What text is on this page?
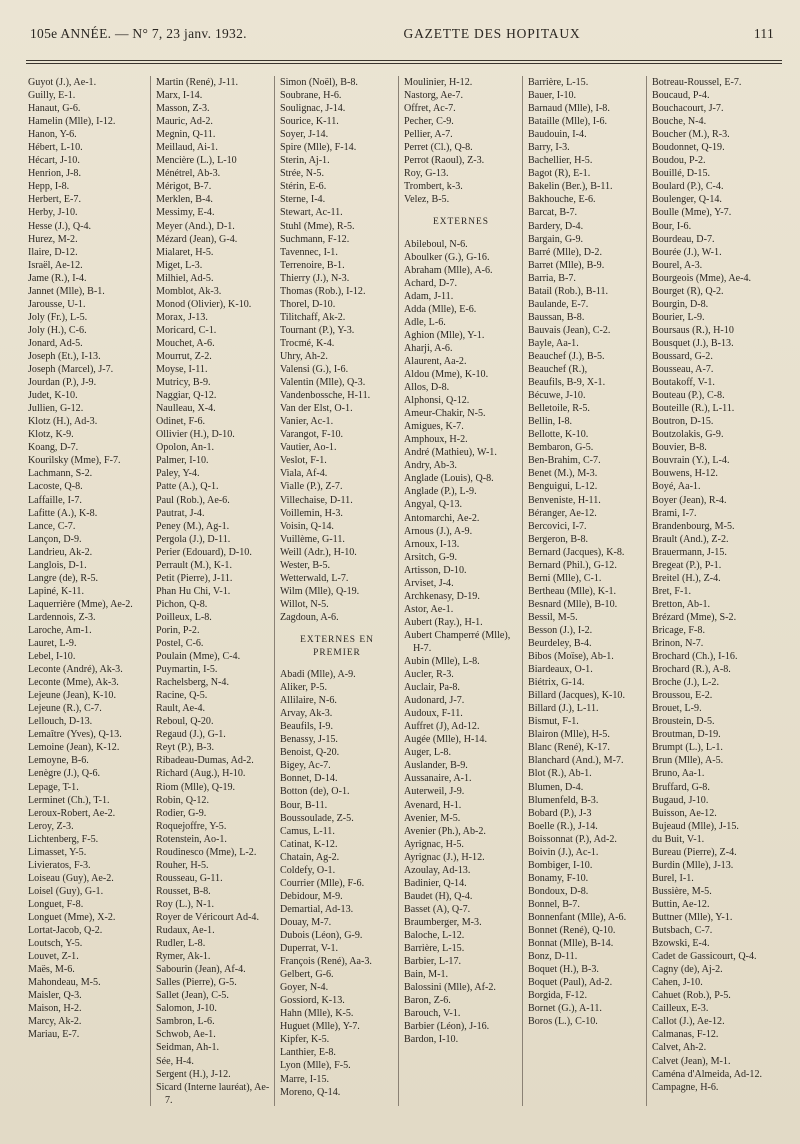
105e ANNÉE. — N° 7, 23 janv. 1932.	GAZETTE DES HOPITAUX	111
Guyot (J.), Ae-1.
Guilly, E-1.
Hanaut, G-6.
Hamelin (Mlle), I-12.
Hanon, Y-6.
Hébert, L-10.
Hécart, J-10.
Henrion, J-8.
Hepp, I-8.
Herbert, E-7.
Herby, J-10.
Hesse (J.), Q-4.
Hurez, M-2.
Ilaire, D-12.
Israël, Ae-12.
Jame (R.), I-4.
Jannet (Mlle), B-1.
Jarousse, U-1.
Joly (Fr.), L-5.
Joly (H.), C-6.
Jonard, Ad-5.
Joseph (Et.), I-13.
Joseph (Marcel), J-7.
Jourdan (P.), J-9.
Judet, K-10.
Jullien, G-12.
Klotz (H.), Ad-3.
Klotz, K-9.
Koang, D-7.
Kourilsky (Mme), F-7.
Lachmann, S-2.
Lacoste, Q-8.
Laffaille, I-7.
Lafitte (A.), K-8.
Lance, C-7.
Lançon, D-9.
Landrieu, Ak-2.
Langlois, D-1.
Langre (de), R-5.
Lapiné, K-11.
Laquerrière (Mme), Ae-2.
Lardennois, Z-3.
Laroche, Am-1.
Lauret, L-9.
Lebel, I-10.
Leconte (André), Ak-3.
Leconte (Mme), Ak-3.
Lejeune (Jean), K-10.
Lejeune (R.), C-7.
Lellouch, D-13.
Lemaître (Yves), Q-13.
Lemoine (Jean), K-12.
Lemoyne, B-6.
Lenègre (J.), Q-6.
Lepage, T-1.
Lerminet (Ch.), T-1.
Leroux-Robert, Ae-2.
Leroy, Z-3.
Lichtenberg, F-5.
Limasset, Y-5.
Livieratos, F-3.
Loiseau (Guy), Ae-2.
Loisel (Guy), G-1.
Longuet, F-8.
Longuet (Mme), X-2.
Lortat-Jacob, Q-2.
Loutsch, Y-5.
Louvet, Z-1.
Maës, M-6.
Mahondeau, M-5.
Maisler, Q-3.
Maison, H-2.
Marcy, Ak-2.
Mariau, E-7.
Martin (René), J-11.
Marx, I-14.
Masson, Z-3.
Mauric, Ad-2.
Megnin, Q-11.
Meillaud, Ai-1.
Mencière (L.), L-10
Ménétrel, Ab-3.
Mérigot, B-7.
Merklen, B-4.
Messimy, E-4.
Meyer (And.), D-1.
Mézard (Jean), G-4.
Mialaret, H-5.
Miget, L-3.
Milhiel, Ad-5.
Momblot, Ak-3.
Monod (Olivier), K-10.
Morax, J-13.
Moricard, C-1.
Mouchet, A-6.
Mourrut, Z-2.
Moyse, I-11.
Mutricy, B-9.
Naggiar, Q-12.
Naulleau, X-4.
Odinet, F-6.
Ollivier (H.), D-10.
Opolon, An-1.
Palmer, I-10.
Paley, Y-4.
Patte (A.), Q-1.
Paul (Rob.), Ae-6.
Pautrat, J-4.
Peney (M.), Ag-1.
Pergola (J.), D-11.
Perier (Edouard), D-10.
Perrault (M.), K-1.
Petit (Pierre), J-11.
Phan Hu Chi, V-1.
Pichon, Q-8.
Poilleux, L-8.
Porin, P-2.
Postel, C-6.
Poulain (Mme), C-4.
Puymartin, I-5.
Rachelsberg, N-4.
Racine, Q-5.
Rault, Ae-4.
Reboul, Q-20.
Regaud (J.), G-1.
Reyt (P.), B-3.
Ribadeau-Dumas, Ad-2.
Richard (Aug.), H-10.
Riom (Mlle), Q-19.
Robin, Q-12.
Rodier, G-9.
Roquejoffre, Y-5.
Rotenstein, Ao-1.
Roudinesco (Mme), L-2.
Rouher, H-5.
Rousseau, G-11.
Rousset, B-8.
Roy (L.), N-1.
Royer de Véricourt Ad-4.
Rudaux, Ae-1.
Rudler, L-8.
Rymer, Ak-1.
Sabourin (Jean), Af-4.
Salles (Pierre), G-5.
Sallet (Jean), C-5.
Salomon, J-10.
Sambron, L-6.
Schwob, Ae-1.
Seidman, Ah-1.
Sée, H-4.
Sergent (H.), J-12.
Sicard (Interne lauréat), Ae-7.
Simon (Noël), B-8.
Soubrane, H-6.
Soulignac, J-14.
Sourice, K-11.
Soyer, J-14.
Spire (Mlle), F-14.
Sterin, Aj-1.
Strée, N-5.
Stérin, E-6.
Sterne, I-4.
Stewart, Ac-11.
Stuhl (Mme), R-5.
Suchmann, F-12.
Tavennec, I-1.
Terrenoire, B-1.
Thierry (J.), N-3.
Thomas (Rob.), I-12.
Thorel, D-10.
Tilitchaff, Ak-2.
Tournant (P.), Y-3.
Trocmé, K-4.
Uhry, Ah-2.
Valensi (G.), I-6.
Valentin (Mlle), Q-3.
Vandenbossche, H-11.
Van der Elst, O-1.
Vanier, Ac-1.
Varangot, F-10.
Vautier, Ao-1.
Veslot, F-1.
Viala, Af-4.
Vialle (P.), Z-7.
Villechaise, D-11.
Voillemin, H-3.
Voisin, Q-14.
Vuillème, G-11.
Weill (Adr.), H-10.
Wester, B-5.
Wetterwald, L-7.
Wilm (Mlle), Q-19.
Willot, N-5.
Zagdoun, A-6.
EXTERNES EN PREMIER
Abadi (Mlle), A-9.
Aliker, P-5.
Allilaire, N-6.
Arvay, Ak-3.
Beaufils, I-9.
Benassy, J-15.
Benoist, Q-20.
Bigey, Ac-7.
Bonnet, D-14.
Botton (de), O-1.
Bour, B-11.
Boussoulade, Z-5.
Camus, L-11.
Catinat, K-12.
Chatain, Ag-2.
Coldefy, O-1.
Courrier (Mlle), F-6.
Debidour, M-9.
Demartial, Ad-13.
Douay, M-7.
Dubois (Léon), G-9.
Duperrat, V-1.
François (René), Aa-3.
Gelbert, G-6.
Goyer, N-4.
Gossiord, K-13.
Hahn (Mlle), K-5.
Huguet (Mlle), Y-7.
Kipfer, K-5.
Lanthier, E-8.
Lyon (Mlle), F-5.
Marre, I-15.
Moreno, Q-14.
Moulinier, H-12.
Nastorg, Ae-7.
Offret, Ac-7.
Pecher, C-9.
Pellier, A-7.
Perret (Cl.), Q-8.
Perrot (Raoul), Z-3.
Roy, G-13.
Trombert, k-3.
Velez, B-5.
EXTERNES
Abileboul, N-6.
Aboulker (G.), G-16.
Abraham (Mlle), A-6.
Achard, D-7.
Adam, J-11.
Adda (Mlle), E-6.
Adle, L-6.
Aghion (Mlle), Y-1.
Aharji, A-6.
Alaurent, Aa-2.
Aldou (Mme), K-10.
Allos, D-8.
Alphonsi, Q-12.
Ameur-Chakir, N-5.
Amigues, K-7.
Amphoux, H-2.
André (Mathieu), W-1.
Andry, Ab-3.
Anglade (Louis), Q-8.
Anglade (P.), L-9.
Angyal, Q-13.
Antomarchi, Ae-2.
Arnous (J.), A-9.
Arnoux, I-13.
Arsitch, G-9.
Artisson, D-10.
Arviset, J-4.
Archkenasy, D-19.
Astor, Ae-1.
Aubert (Ray.), H-1.
Aubert Champerré (Mlle), H-7.
Aubin (Mlle), L-8.
Aucler, R-3.
Auclair, Pa-8.
Audonard, J-7.
Audoux, F-11.
Auffret (J), Ad-12.
Augée (Mlle), H-14.
Auger, L-8.
Auslander, B-9.
Aussanaire, A-1.
Auterweil, J-9.
Avenard, H-1.
Avenier, M-5.
Avenier (Ph.), Ab-2.
Ayrignac, H-5.
Ayrignac (J.), H-12.
Azoulay, Ad-13.
Badinier, Q-14.
Baudet (H), Q-4.
Basset (A), Q-7.
Braumberger, M-3.
Baloche, L-12.
Barrière, L-15.
Barbier, L-17.
Bain, M-1.
Balossini (Mlle), Af-2.
Baron, Z-6.
Barouch, V-1.
Barbier (Léon), J-16.
Bardon, I-10.
Barrière, L-15.
Bauer, I-10.
Barnaud (Mlle), I-8.
Bataille (Mlle), I-6.
Baudouin, I-4.
Barry, I-3.
Bachellier, H-5.
Bagot (R), E-1.
Bakelin (Ber.), B-11.
Bakhouche, E-6.
Barcat, B-7.
Bardery, D-4.
Bargain, G-9.
Barré (Mlle), D-2.
Barret (Mlle), B-9.
Barria, B-7.
Batail (Rob.), B-11.
Baulande, E-7.
Baussan, B-8.
Bauvais (Jean), C-2.
Bayle, Aa-1.
Beauchef (J.), B-5.
Beauchef (R.),
Beaufils, B-9, X-1.
Bécuwe, J-10.
Belletoile, R-5.
Bellin, I-8.
Bellotte, K-10.
Bembaron, G-5.
Ben-Brahim, C-7.
Benet (M.), M-3.
Benguigui, L-12.
Benveniste, H-11.
Béranger, Ae-12.
Bercovici, I-7.
Bergeron, B-8.
Bernard (Jacques), K-8.
Bernard (Phil.), G-12.
Berni (Mlle), C-1.
Bertheau (Mlle), K-1.
Besnard (Mlle), B-10.
Bessil, M-5.
Besson (J.), I-2.
Beurdeley, B-4.
Bibos (Moïse), Ab-1.
Biardeaux, O-1.
Biétrix, G-14.
Billard (Jacques), K-10.
Billard (J.), L-11.
Bismut, F-1.
Blairon (Mlle), H-5.
Blanc (René), K-17.
Blanchard (And.), M-7.
Blot (R.), Ab-1.
Blumen, D-4.
Blumenfeld, B-3.
Bobard (P.), J-3
Boelle (R.), J-14.
Boissonnat (P.), Ad-2.
Boivin (J.), Ac-1.
Bombiger, I-10.
Bonamy, F-10.
Bondoux, D-8.
Bonnel, B-7.
Bonnenfant (Mlle), A-6.
Bonnet (René), Q-10.
Bonnat (Mlle), B-14.
Bonz, D-11.
Boquet (H.), B-3.
Boquet (Paul), Ad-2.
Borgida, F-12.
Bornet (G.), A-11.
Boros (L.), C-10.
Botreau-Roussel, E-7.
Boucaud, P-4.
Bouchacourt, J-7.
Bouche, N-4.
Boucher (M.), R-3.
Boudonnet, Q-19.
Boudou, P-2.
Bouillé, D-15.
Boulard (P.), C-4.
Boulenger, Q-14.
Boulle (Mme), Y-7.
Bour, I-6.
Bourdeau, D-7.
Bourée (J.), W-1.
Bourel, A-3.
Bourgeois (Mme), Ae-4.
Bourget (R), Q-2.
Bourgin, D-8.
Bourier, L-9.
Boursaus (R.), H-10
Bousquet (J.), B-13.
Boussard, G-2.
Bousseau, A-7.
Boutakoff, V-1.
Bouteau (P.), C-8.
Bouteille (R.), L-11.
Boutron, D-15.
Boutzolakis, G-9.
Bouvier, B-8.
Bouvrain (Y.), L-4.
Bouwens, H-12.
Boyé, Aa-1.
Boyer (Jean), R-4.
Brami, I-7.
Brandenbourg, M-5.
Brault (And.), Z-2.
Brauermann, J-15.
Bregeat (P.), P-1.
Breitel (H.), Z-4.
Bret, F-1.
Bretton, Ab-1.
Brézard (Mme), S-2.
Bricage, F-8.
Brinon, N-7.
Brochard (Ch.), I-16.
Brochard (R.), A-8.
Broche (J.), L-2.
Broussou, E-2.
Brouet, L-9.
Broustein, D-5.
Broutman, D-19.
Brumpt (L.), L-1.
Brun (Mlle), A-5.
Bruno, Aa-1.
Bruffard, G-8.
Bugaud, J-10.
Buisson, Ae-12.
Bujeaud (Mlle), J-15.
du Buit, V-1.
Bureau (Pierre), Z-4.
Burdin (Mlle), J-13.
Burel, I-1.
Bussière, M-5.
Buttin, Ae-12.
Buttner (Mlle), Y-1.
Butsbach, C-7.
Bzowski, E-4.
Cadet de Gassicourt, Q-4.
Cagny (de), Aj-2.
Cahen, J-10.
Cahuet (Rob.), P-5.
Cailleux, E-3.
Callot (J.), Ae-12.
Calmanas, F-12.
Calvet, Ah-2.
Calvet (Jean), M-1.
Caména d'Almeida, Ad-12.
Campagne, H-6.
